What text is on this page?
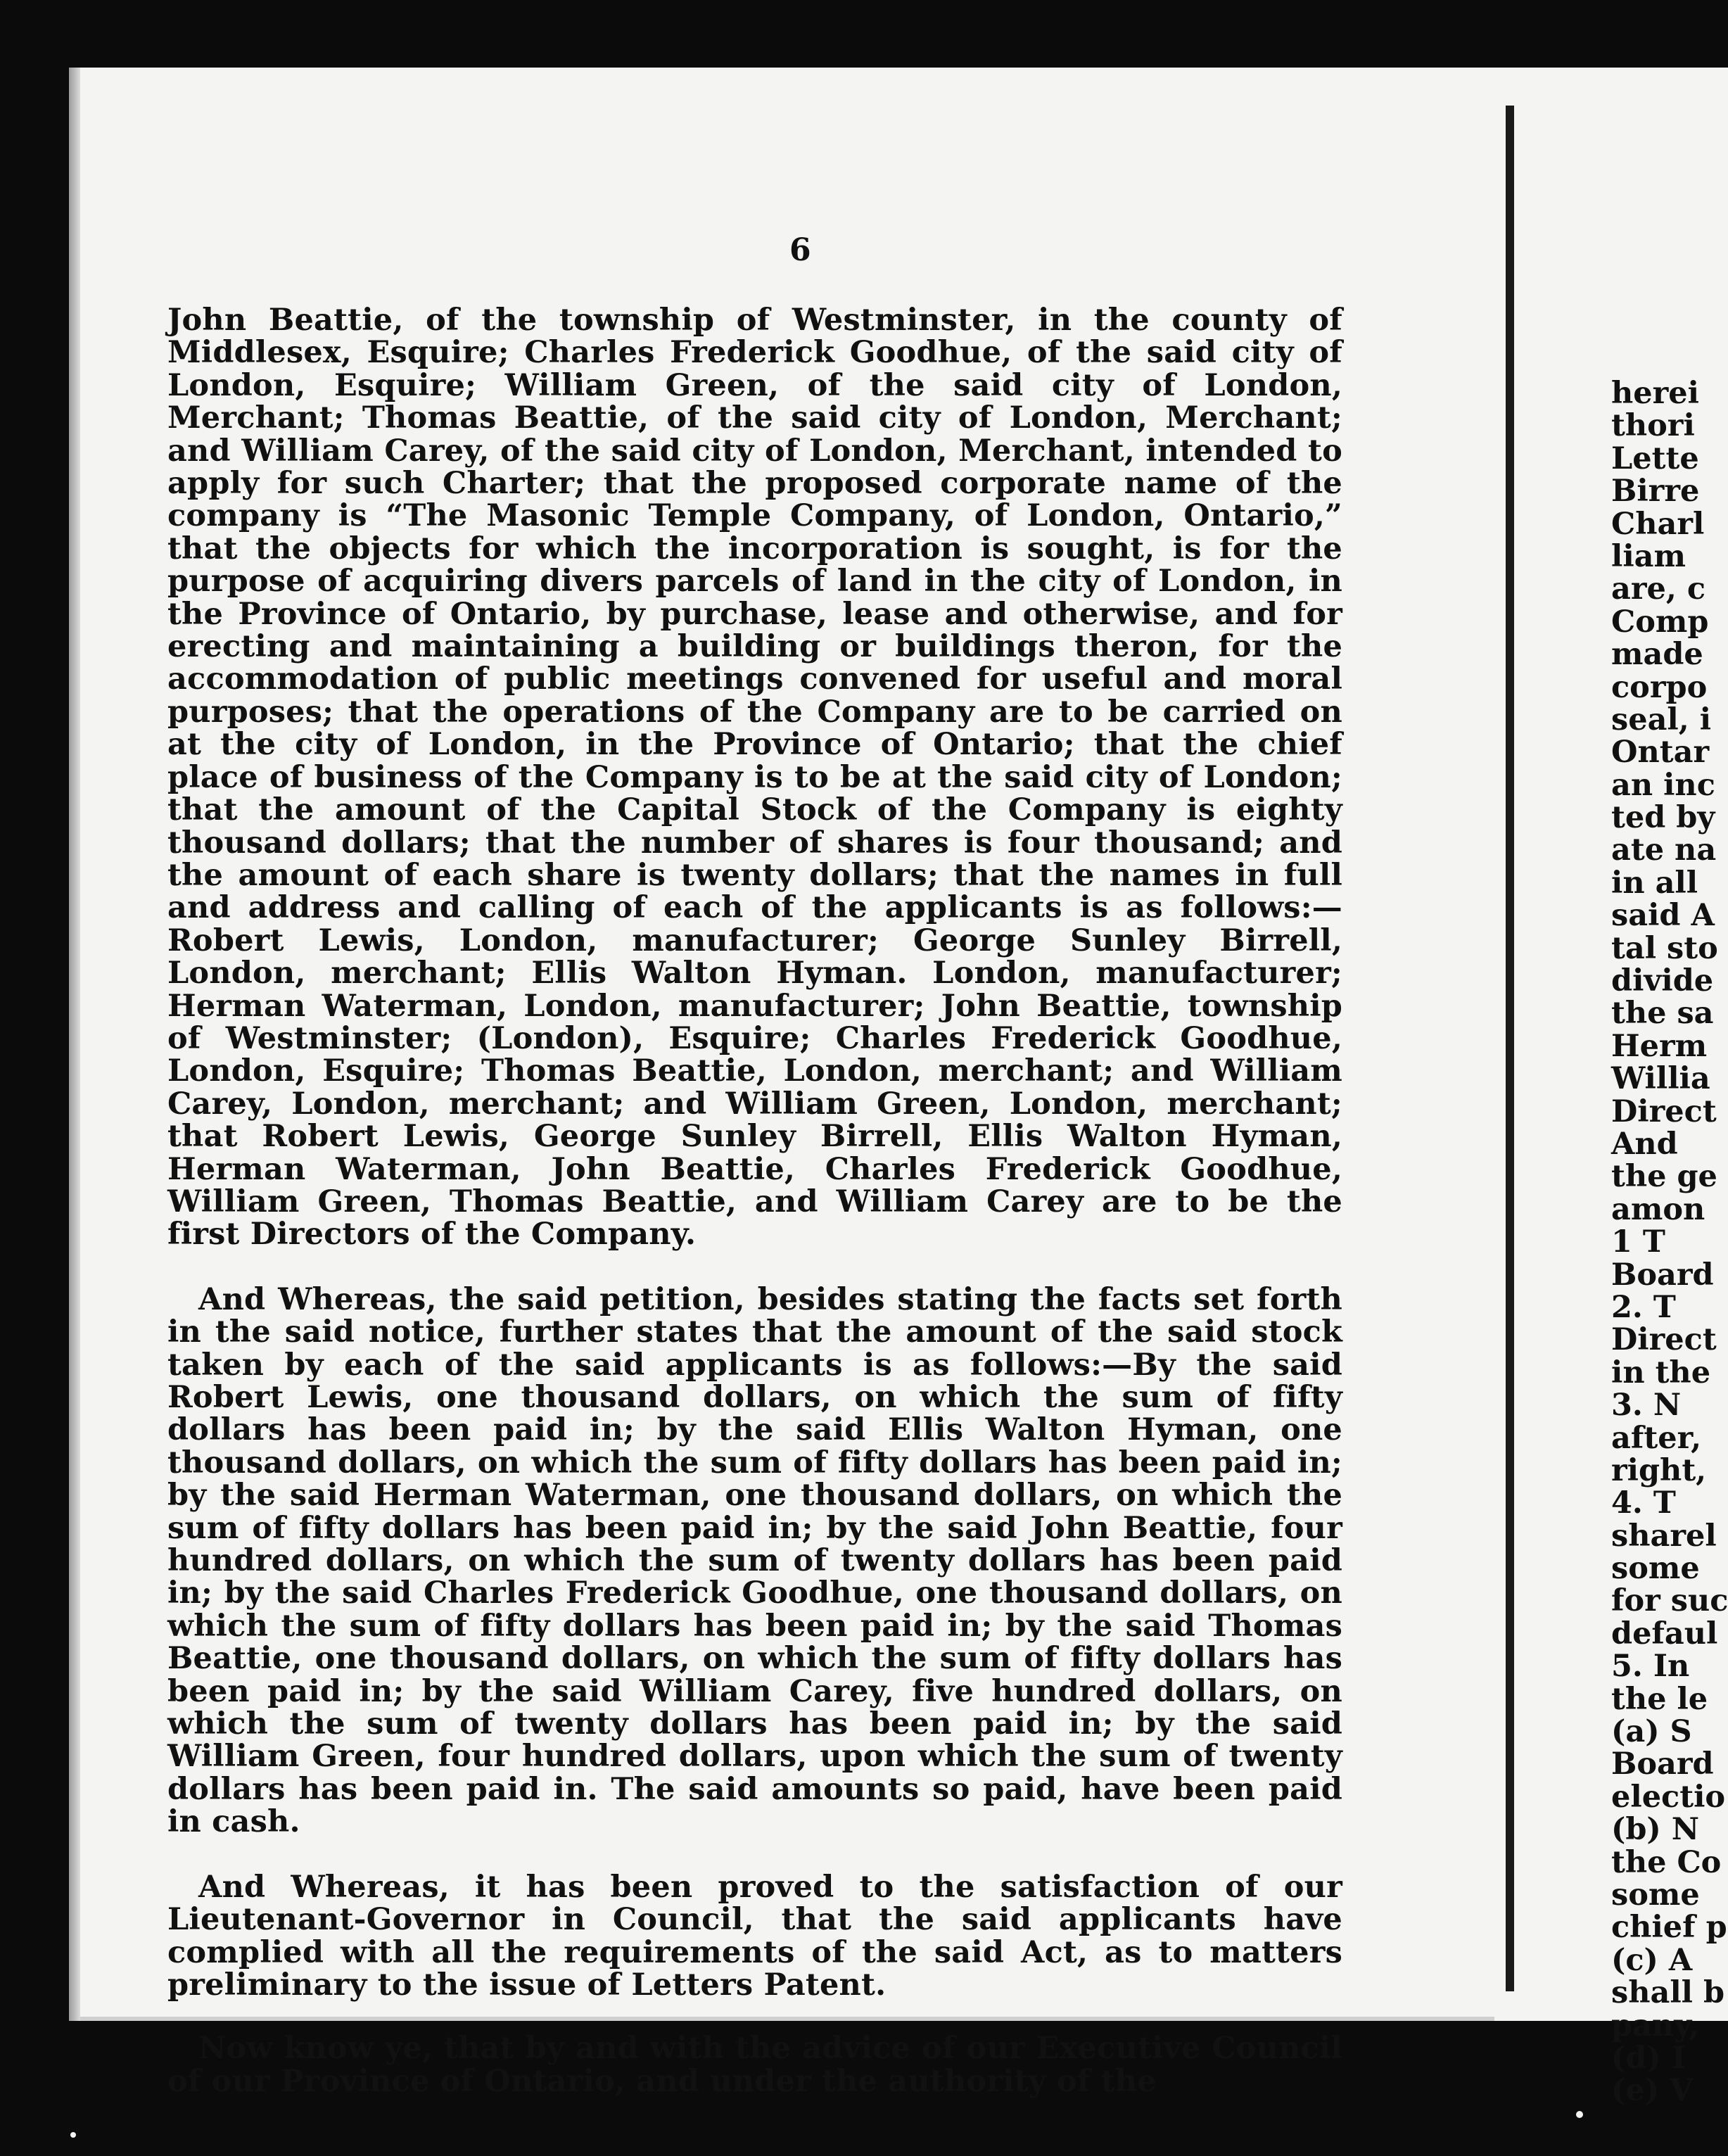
6

John Beattie, of the township of Westminster, in the county of Middlesex, Esquire; Charles Frederick Goodhue, of the said city of London, Esquire; William Green, of the said city of London, Merchant; Thomas Beattie, of the said city of London, Merchant; and William Carey, of the said city of London, Merchant, intended to apply for such Charter; that the proposed corporate name of the company is “The Masonic Temple Company, of London, Ontario,” that the objects for which the incorporation is sought, is for the purpose of acquiring divers parcels of land in the city of London, in the Province of Ontario, by purchase, lease and otherwise, and for erecting and maintaining a building or buildings theron, for the accommodation of public meetings convened for useful and moral purposes; that the operations of the Company are to be carried on at the city of London, in the Province of Ontario; that the chief place of business of the Company is to be at the said city of London; that the amount of the Capital Stock of the Company is eighty thousand dollars; that the number of shares is four thousand; and the amount of each share is twenty dollars; that the names in full and address and calling of each of the applicants is as follows:—Robert Lewis, London, manufacturer; George Sunley Birrell, London, merchant; Ellis Walton Hyman. London, manufacturer; Herman Waterman, London, manufacturer; John Beattie, township of Westminster; (London), Esquire; Charles Frederick Goodhue, London, Esquire; Thomas Beattie, London, merchant; and William Carey, London, merchant; and William Green, London, merchant; that Robert Lewis, George Sunley Birrell, Ellis Walton Hyman, Herman Waterman, John Beattie, Charles Frederick Goodhue, William Green, Thomas Beattie, and William Carey are to be the first Directors of the Company.

And Whereas, the said petition, besides stating the facts set forth in the said notice, further states that the amount of the said stock taken by each of the said applicants is as follows:—By the said Robert Lewis, one thousand dollars, on which the sum of fifty dollars has been paid in; by the said Ellis Walton Hyman, one thousand dollars, on which the sum of fifty dollars has been paid in; by the said Herman Waterman, one thousand dollars, on which the sum of fifty dollars has been paid in; by the said John Beattie, four hundred dollars, on which the sum of twenty dollars has been paid in; by the said Charles Frederick Goodhue, one thousand dollars, on which the sum of fifty dollars has been paid in; by the said Thomas Beattie, one thousand dollars, on which the sum of fifty dollars has been paid in; by the said William Carey, five hundred dollars, on which the sum of twenty dollars has been paid in; by the said William Green, four hundred dollars, upon which the sum of twenty dollars has been paid in. The said amounts so paid, have been paid in cash.

And Whereas, it has been proved to the satisfaction of our Lieutenant-Governor in Council, that the said applicants have complied with all the requirements of the said Act, as to matters preliminary to the issue of Letters Patent.

Now know ye, that by and with the advice of our Executive Council of our Province of Ontario, and under the authority of the

herei
thori
Lette
Birre
Charl
liam
are, c
Comp
made
corpo
seal, i
Ontar
an inc
ted by
ate na
in all
said A
tal sto
divide
the sa
Herm
Willia
Direct
And
the ge
amon
1 T
Board
2. T
Direct
in the
3. N
after,
right,
4. T
sharel
some
for suc
defaul
5. In
the le
(a) S
Board
electio
(b) N
the Co
some
chief p
(c) A
shall b
pany,
(d) I
(e) V
